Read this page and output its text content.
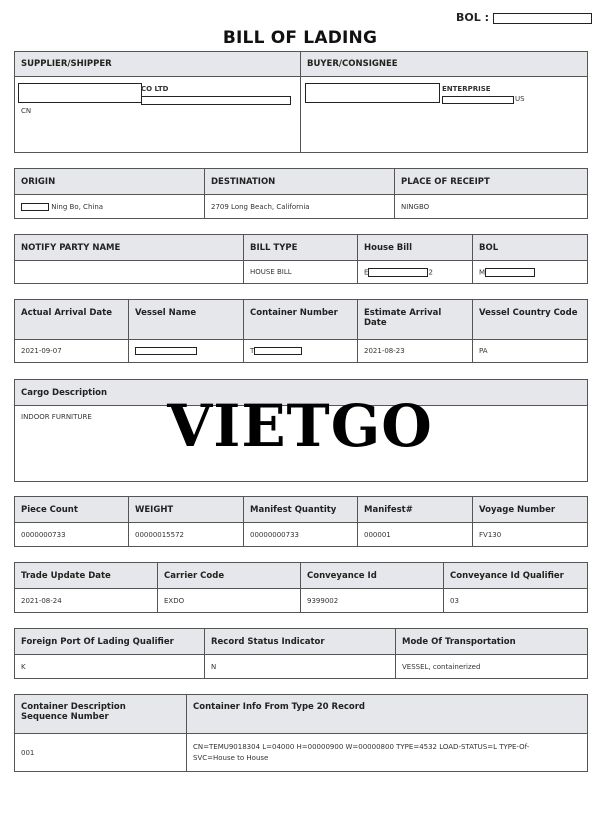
BOL :
BILL OF LADING
SUPPLIER/SHIPPER
CO LTD
CN
BUYER/CONSIGNEE
ENTERPRISE
US
ORIGIN	DESTINATION	PLACE OF RECEIPT
Ning Bo, China	2709 Long Beach, California	NINGBO
NOTIFY PARTY NAME	BILL TYPE	House Bill	BOL
	HOUSE BILL	E 2	M
Actual Arrival Date	Vessel Name	Container Number	Estimate Arrival Date	Vessel Country Code
2021-09-07		T	2021-08-23	PA
Cargo Description
INDOOR FURNITURE	VIETGO
Piece Count	WEIGHT	Manifest Quantity	Manifest#	Voyage Number
0000000733	00000015572	00000000733	000001	FV130
Trade Update Date	Carrier Code	Conveyance Id	Conveyance Id Qualifier
2021-08-24	EXDO	9399002	03
Foreign Port Of Lading Qualifier	Record Status Indicator	Mode Of Transportation
K	N	VESSEL, containerized
Container Description
Sequence Number	Container Info From Type 20 Record
001	CN=TEMU9018304 L=04000 H=00000900 W=00000800 TYPE=4532 LOAD-STATUS=L TYPE-Of-
SVC=House to House
